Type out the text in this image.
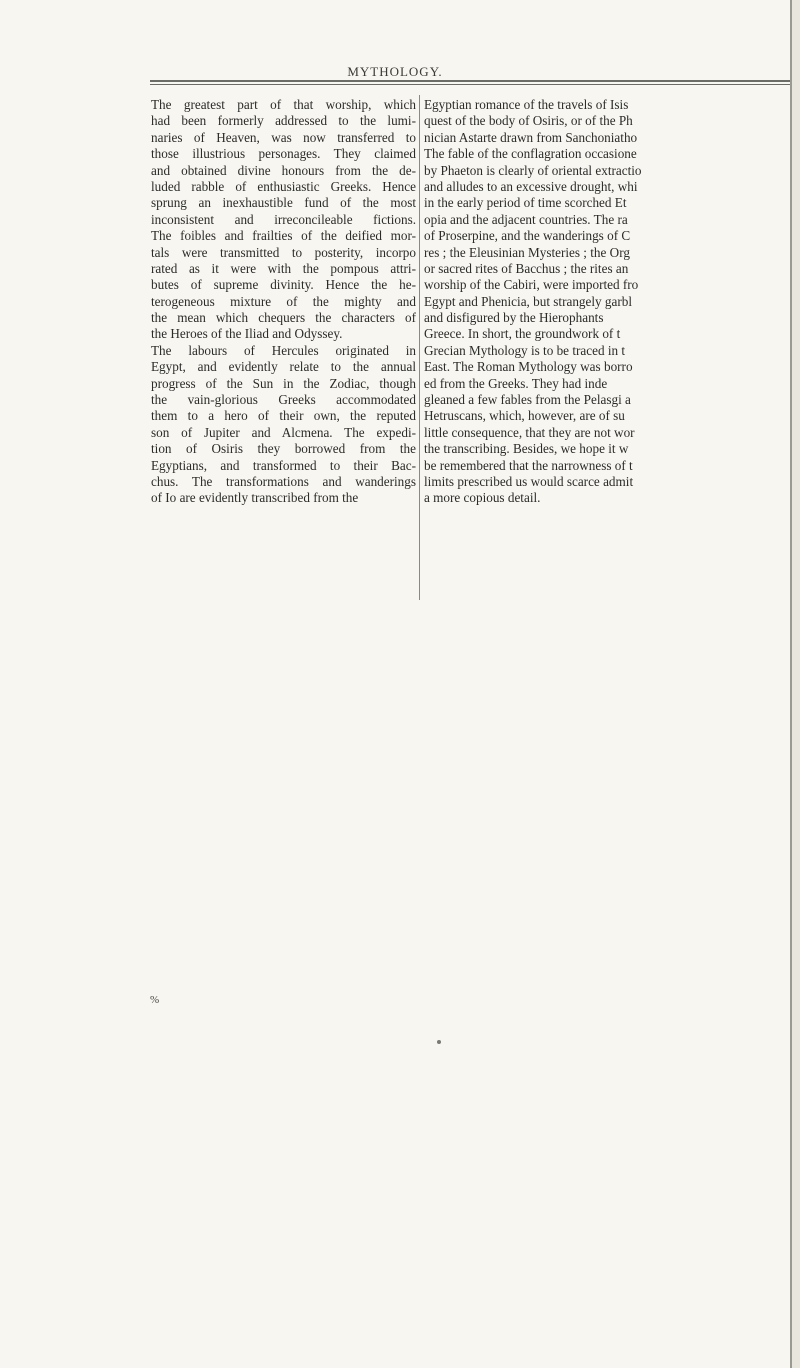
MYTHOLOGY.
The greatest part of that worship, which
had been formerly addressed to the lumi-
naries of Heaven, was now transferred to
those illustrious personages. They claimed
and obtained divine honours from the de-
luded rabble of enthusiastic Greeks. Hence
sprung an inexhaustible fund of the most
inconsistent and irreconcileable fictions.
The foibles and frailties of the deified mor-
tals were transmitted to posterity, incorpo
rated as it were with the pompous attri-
butes of supreme divinity. Hence the he-
terogeneous mixture of the mighty and
the mean which chequers the characters of
the Heroes of the Iliad and Odyssey.
The labours of Hercules originated in
Egypt, and evidently relate to the annual
progress of the Sun in the Zodiac, though
the vain-glorious Greeks accommodated
them to a hero of their own, the reputed
son of Jupiter and Alcmena. The expedi-
tion of Osiris they borrowed from the
Egyptians, and transformed to their Bac-
chus. The transformations and wanderings
of Io are evidently transcribed from the
Egyptian romance of the travels of Isis
quest of the body of Osiris, or of the Ph
nician Astarte drawn from Sanchoniatho
The fable of the conflagration occasione
by Phaeton is clearly of oriental extractio
and alludes to an excessive drought, whi
in the early period of time scorched Et
opia and the adjacent countries. The ra
of Proserpine, and the wanderings of C
res ; the Eleusinian Mysteries ; the Org
or sacred rites of Bacchus ; the rites an
worship of the Cabiri, were imported fro
Egypt and Phenicia, but strangely garbl
and disfigured by the Hierophants
Greece. In short, the groundwork of t
Grecian Mythology is to be traced in t
East. The Roman Mythology was borro
ed from the Greeks. They had inde
gleaned a few fables from the Pelasgi a
Hetruscans, which, however, are of su
little consequence, that they are not wor
the transcribing. Besides, we hope it w
be remembered that the narrowness of t
limits prescribed us would scarce admit
a more copious detail.
%
